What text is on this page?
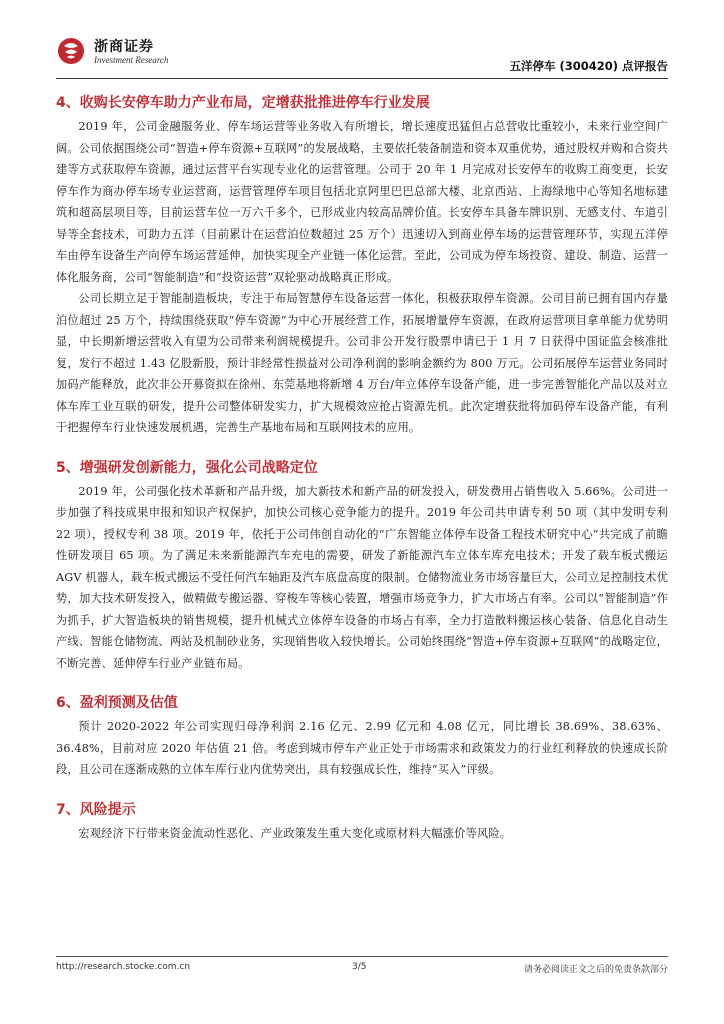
浙商证券
Investment Research	五洋停车 (300420) 点评报告
4、收购长安停车助力产业布局，定增获批推进停车行业发展

2019 年，公司金融服务业、停车场运营等业务收入有所增长，增长速度迅猛但占总营收比重较小，未来行业空间广阔。公司依据围绕公司“智造+停车资源+互联网”的发展战略，主要依托装备制造和资本双重优势，通过股权并购和合资共建等方式获取停车资源，通过运营平台实现专业化的运营管理。公司于 20 年 1 月完成对长安停车的收购工商变更，长安停车作为商办停车场专业运营商，运营管理停车项目包括北京阿里巴巴总部大楼、北京西站、上海绿地中心等知名地标建筑和超高层项目等，目前运营车位一万六千多个，已形成业内较高品牌价值。长安停车具备车牌识别、无感支付、车道引导等全套技术，可助力五洋（目前累计在运营泊位数超过 25 万个）迅速切入到商业停车场的运营管理环节，实现五洋停车由停车设备生产向停车场运营延伸，加快实现全产业链一体化运营。至此，公司成为停车场投资、建设、制造、运营一体化服务商，公司“智能制造”和“投资运营”双轮驱动战略真正形成。

公司长期立足于智能制造板块，专注于布局智慧停车设备运营一体化，积极获取停车资源。公司目前已拥有国内存量泊位超过 25 万个，持续围绕获取“停车资源”为中心开展经营工作，拓展增量停车资源，在政府运营项目拿单能力优势明显，中长期新增运营收入有望为公司带来利润规模提升。公司非公开发行股票申请已于 1 月 7 日获得中国证监会核准批复，发行不超过 1.43 亿股新股，预计非经常性损益对公司净利润的影响金额约为 800 万元。公司拓展停车运营业务同时加码产能释放，此次非公开募资拟在徐州、东莞基地将新增 4 万台/年立体停车设备产能，进一步完善智能化产品以及对立体车库工业互联的研发，提升公司整体研发实力，扩大规模效应抢占资源先机。此次定增获批将加码停车设备产能，有利于把握停车行业快速发展机遇，完善生产基地布局和互联网技术的应用。

5、增强研发创新能力，强化公司战略定位

2019 年，公司强化技术革新和产品升级，加大新技术和新产品的研发投入，研发费用占销售收入 5.66%。公司进一步加强了科技成果申报和知识产权保护，加快公司核心竞争能力的提升。2019 年公司共申请专利 50 项（其中发明专利 22 项），授权专利 38 项。2019 年，依托于公司伟创自动化的“广东智能立体停车设备工程技术研究中心”共完成了前瞻性研发项目 65 项。为了满足未来新能源汽车充电的需要，研发了新能源汽车立体车库充电技术；开发了载车板式搬运 AGV 机器人，载车板式搬运不受任何汽车轴距及汽车底盘高度的限制。仓储物流业务市场容量巨大，公司立足控制技术优势，加大技术研发投入，做精做专搬运器、穿梭车等核心装置，增强市场竞争力，扩大市场占有率。公司以“智能制造”作为抓手，扩大智造板块的销售规模，提升机械式立体停车设备的市场占有率，全力打造散料搬运核心装备、信息化自动生产线、智能仓储物流、两站及机制砂业务，实现销售收入较快增长。公司始终围绕“智造+停车资源+互联网”的战略定位，不断完善、延伸停车行业产业链布局。

6、盈利预测及估值

预计 2020-2022 年公司实现归母净利润 2.16 亿元、2.99 亿元和 4.08 亿元，同比增长 38.69%、38.63%、36.48%，目前对应 2020 年估值 21 倍。考虑到城市停车产业正处于市场需求和政策发力的行业红利释放的快速成长阶段，且公司在逐渐成熟的立体车库行业内优势突出，具有较强成长性，维持“买入”评级。

7、风险提示

宏观经济下行带来资金流动性恶化、产业政策发生重大变化或原材料大幅涨价等风险。

http://research.stocke.com.cn	3/5	请务必阅读正文之后的免责条款部分
